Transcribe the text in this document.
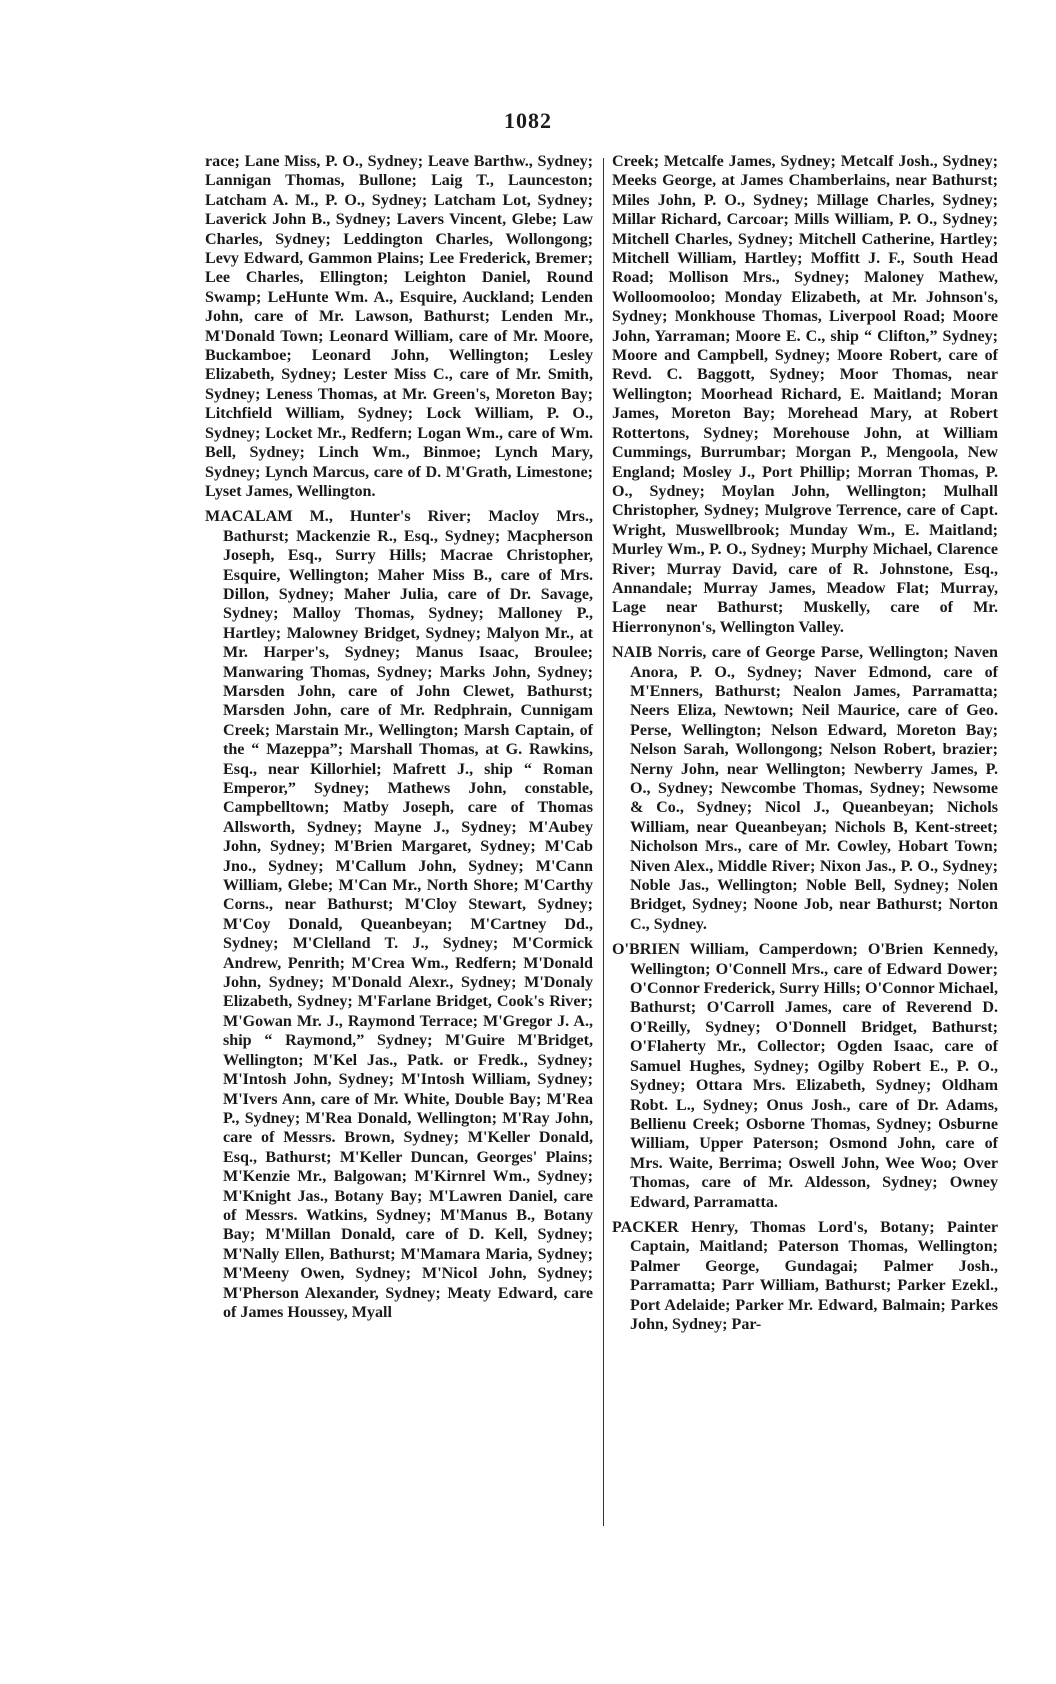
1082

race; Lane Miss, P. O., Sydney; Leave Barthw., Sydney; Lannigan Thomas, Bullone; Laig T., Launceston; Latcham A. M., P. O., Sydney; Latcham Lot, Sydney; Laverick John B., Sydney; Lavers Vincent, Glebe; Law Charles, Sydney; Leddington Charles, Wollongong; Levy Edward, Gammon Plains; Lee Frederick, Bremer; Lee Charles, Ellington; Leighton Daniel, Round Swamp; LeHunte Wm. A., Esquire, Auckland; Lenden John, care of Mr. Lawson, Bathurst; Lenden Mr., M'Donald Town; Leonard William, care of Mr. Moore, Buckamboe; Leonard John, Wellington; Lesley Elizabeth, Sydney; Lester Miss C., care of Mr. Smith, Sydney; Leness Thomas, at Mr. Green's, Moreton Bay; Litchfield William, Sydney; Lock William, P. O., Sydney; Locket Mr., Redfern; Logan Wm., care of Wm. Bell, Sydney; Linch Wm., Binmoe; Lynch Mary, Sydney; Lynch Marcus, care of D. M'Grath, Limestone; Lyset James, Wellington.

MACALAM M., Hunter's River; Macloy Mrs., Bathurst; Mackenzie R., Esq., Sydney; Macpherson Joseph, Esq., Surry Hills; Macrae Christopher, Esquire, Wellington; Maher Miss B., care of Mrs. Dillon, Sydney; Maher Julia, care of Dr. Savage, Sydney; Malloy Thomas, Sydney; Malloney P., Hartley; Malowney Bridget, Sydney; Malyon Mr., at Mr. Harper's, Sydney; Manus Isaac, Broulee; Manwaring Thomas, Sydney; Marks John, Sydney; Marsden John, care of John Clewet, Bathurst; Marsden John, care of Mr. Redphrain, Cunnigam Creek; Marstain Mr., Wellington; Marsh Captain, of the “ Mazeppa”; Marshall Thomas, at G. Rawkins, Esq., near Killorhiel; Mafrett J., ship “ Roman Emperor,” Sydney; Mathews John, constable, Campbelltown; Matby Joseph, care of Thomas Allsworth, Sydney; Mayne J., Sydney; M'Aubey John, Sydney; M'Brien Margaret, Sydney; M'Cab Jno., Sydney; M'Callum John, Sydney; M'Cann William, Glebe; M'Can Mr., North Shore; M'Carthy Corns., near Bathurst; M'Cloy Stewart, Sydney; M'Coy Donald, Queanbeyan; M'Cartney Dd., Sydney; M'Clelland T. J., Sydney; M'Cormick Andrew, Penrith; M'Crea Wm., Redfern; M'Donald John, Sydney; M'Donald Alexr., Sydney; M'Donaly Elizabeth, Sydney; M'Farlane Bridget, Cook's River; M'Gowan Mr. J., Raymond Terrace; M'Gregor J. A., ship “ Raymond,” Sydney; M'Guire M'Bridget, Wellington; M'Kel Jas., Patk. or Fredk., Sydney; M'Intosh John, Sydney; M'Intosh William, Sydney; M'Ivers Ann, care of Mr. White, Double Bay; M'Rea P., Sydney; M'Rea Donald, Wellington; M'Ray John, care of Messrs. Brown, Sydney; M'Keller Donald, Esq., Bathurst; M'Keller Duncan, Georges' Plains; M'Kenzie Mr., Balgowan; M'Kirnrel Wm., Sydney; M'Knight Jas., Botany Bay; M'Lawren Daniel, care of Messrs. Watkins, Sydney; M'Manus B., Botany Bay; M'Millan Donald, care of D. Kell, Sydney; M'Nally Ellen, Bathurst; M'Mamara Maria, Sydney; M'Meeny Owen, Sydney; M'Nicol John, Sydney; M'Pherson Alexander, Sydney; Meaty Edward, care of James Houssey, Myall

Creek; Metcalfe James, Sydney; Metcalf Josh., Sydney; Meeks George, at James Chamberlains, near Bathurst; Miles John, P. O., Sydney; Millage Charles, Sydney; Millar Richard, Carcoar; Mills William, P. O., Sydney; Mitchell Charles, Sydney; Mitchell Catherine, Hartley; Mitchell William, Hartley; Moffitt J. F., South Head Road; Mollison Mrs., Sydney; Maloney Mathew, Wolloomooloo; Monday Elizabeth, at Mr. Johnson's, Sydney; Monkhouse Thomas, Liverpool Road; Moore John, Yarraman; Moore E. C., ship “ Clifton,” Sydney; Moore and Campbell, Sydney; Moore Robert, care of Revd. C. Baggott, Sydney; Moor Thomas, near Wellington; Moorhead Richard, E. Maitland; Moran James, Moreton Bay; Morehead Mary, at Robert Rottertons, Sydney; Morehouse John, at William Cummings, Burrumbar; Morgan P., Mengoola, New England; Mosley J., Port Phillip; Morran Thomas, P. O., Sydney; Moylan John, Wellington; Mulhall Christopher, Sydney; Mulgrove Terrence, care of Capt. Wright, Muswellbrook; Munday Wm., E. Maitland; Murley Wm., P. O., Sydney; Murphy Michael, Clarence River; Murray David, care of R. Johnstone, Esq., Annandale; Murray James, Meadow Flat; Murray, Lage near Bathurst; Muskelly, care of Mr. Hierronynon's, Wellington Valley.

NAIB Norris, care of George Parse, Wellington; Naven Anora, P. O., Sydney; Naver Edmond, care of M'Enners, Bathurst; Nealon James, Parramatta; Neers Eliza, Newtown; Neil Maurice, care of Geo. Perse, Wellington; Nelson Edward, Moreton Bay; Nelson Sarah, Wollongong; Nelson Robert, brazier; Nerny John, near Wellington; Newberry James, P. O., Sydney; Newcombe Thomas, Sydney; Newsome & Co., Sydney; Nicol J., Queanbeyan; Nichols William, near Queanbeyan; Nichols B, Kent-street; Nicholson Mrs., care of Mr. Cowley, Hobart Town; Niven Alex., Middle River; Nixon Jas., P. O., Sydney; Noble Jas., Wellington; Noble Bell, Sydney; Nolen Bridget, Sydney; Noone Job, near Bathurst; Norton C., Sydney.

O'BRIEN William, Camperdown; O'Brien Kennedy, Wellington; O'Connell Mrs., care of Edward Dower; O'Connor Frederick, Surry Hills; O'Connor Michael, Bathurst; O'Carroll James, care of Reverend D. O'Reilly, Sydney; O'Donnell Bridget, Bathurst; O'Flaherty Mr., Collector; Ogden Isaac, care of Samuel Hughes, Sydney; Ogilby Robert E., P. O., Sydney; Ottara Mrs. Elizabeth, Sydney; Oldham Robt. L., Sydney; Onus Josh., care of Dr. Adams, Bellienu Creek; Osborne Thomas, Sydney; Osburne William, Upper Paterson; Osmond John, care of Mrs. Waite, Berrima; Oswell John, Wee Woo; Over Thomas, care of Mr. Aldesson, Sydney; Owney Edward, Parramatta.

PACKER Henry, Thomas Lord's, Botany; Painter Captain, Maitland; Paterson Thomas, Wellington; Palmer George, Gundagai; Palmer Josh., Parramatta; Parr William, Bathurst; Parker Ezekl., Port Adelaide; Parker Mr. Edward, Balmain; Parkes John, Sydney; Par-
